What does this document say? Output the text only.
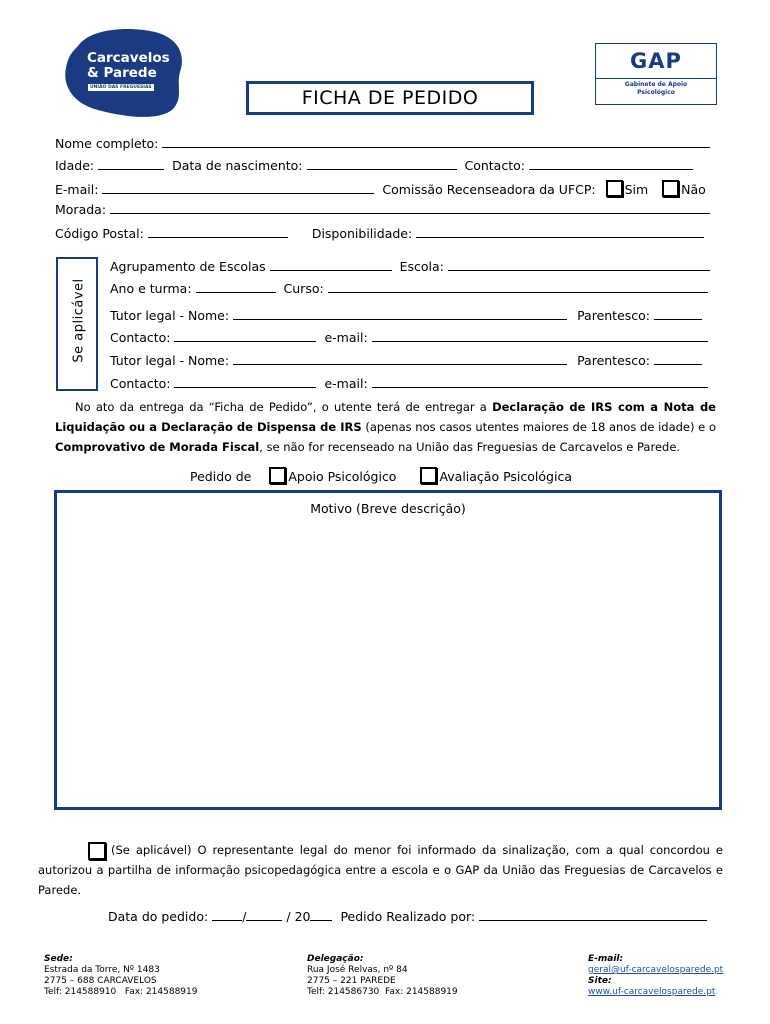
Carcavelos
& Parede
UNIÃO DAS FREGUESIAS	FICHA DE PEDIDO
GAP
Gabinete de Apoio
Psicológico
Nome completo:
Idade:	Data de nascimento:	Contacto:
E-mail:	Comissão Recenseadora da UFCP: Sim	Não
Morada:
Código Postal:	Disponibilidade:
Se aplicável
Agrupamento de Escolas	Escola:
Ano e turma:	Curso:
Tutor legal - Nome:	Parentesco:
Contacto:	e-mail:
Tutor legal - Nome:	Parentesco:
Contacto:	e-mail:
No ato da entrega da “Ficha de Pedido”, o utente terá de entregar a Declaração de IRS com a Nota de Liquidação ou a Declaração de Dispensa de IRS (apenas nos casos utentes maiores de 18 anos de idade) e o Comprovativo de Morada Fiscal, se não for recenseado na União das Freguesias de Carcavelos e Parede.
Pedido de	Apoio Psicológico	Avaliação Psicológica
Motivo (Breve descrição)
(Se aplicável) O representante legal do menor foi informado da sinalização, com a qual concordou e autorizou a partilha de informação psicopedagógica entre a escola e o GAP da União das Freguesias de Carcavelos e Parede.
Data do pedido:	/	/ 20 Pedido Realizado por:
Sede:
Estrada da Torre, Nº 1483
2775 – 688 CARCAVELOS
Telf: 214588910   Fax: 214588919
Delegação:
Rua José Relvas, nº 84
2775 – 221 PAREDE
Telf: 214586730  Fax: 214588919
E-mail:
geral@uf-carcavelosparede.pt
Site:
www.uf-carcavelosparede.pt
